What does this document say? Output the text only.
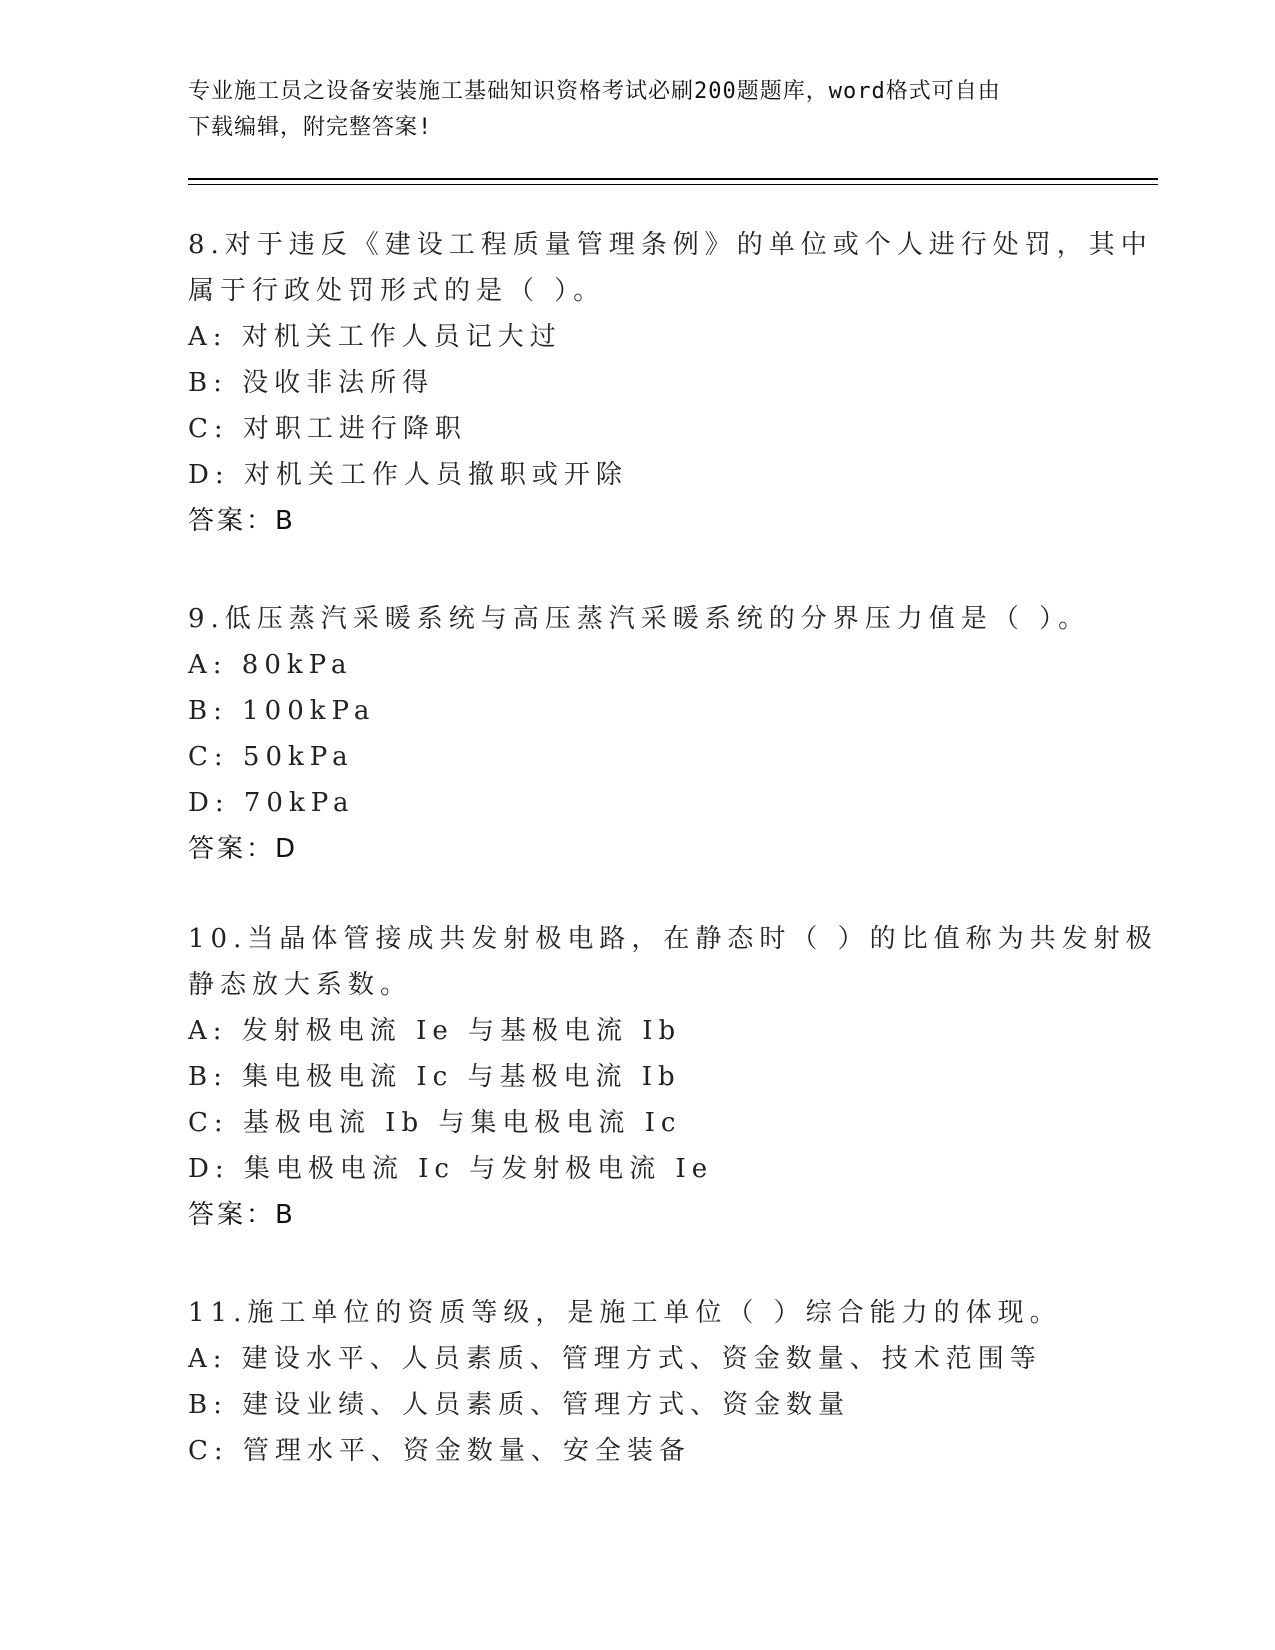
专业施工员之设备安装施工基础知识资格考试必刷200题题库，word格式可自由
下载编辑，附完整答案!
8.对于违反《建设工程质量管理条例》的单位或个人进行处罚，其中
属于行政处罚形式的是（ ）。
A: 对机关工作人员记大过
B: 没收非法所得
C: 对职工进行降职
D: 对机关工作人员撤职或开除
答案：B
9.低压蒸汽采暖系统与高压蒸汽采暖系统的分界压力值是（ ）。
A: 80kPa
B: 100kPa
C: 50kPa
D: 70kPa
答案：D
10.当晶体管接成共发射极电路，在静态时（ ）的比值称为共发射极
静态放大系数。
A: 发射极电流 Ie 与基极电流 Ib
B: 集电极电流 Ic 与基极电流 Ib
C: 基极电流 Ib 与集电极电流 Ic
D: 集电极电流 Ic 与发射极电流 Ie
答案：B
11.施工单位的资质等级，是施工单位（ ）综合能力的体现。
A: 建设水平、人员素质、管理方式、资金数量、技术范围等
B: 建设业绩、人员素质、管理方式、资金数量
C: 管理水平、资金数量、安全装备
